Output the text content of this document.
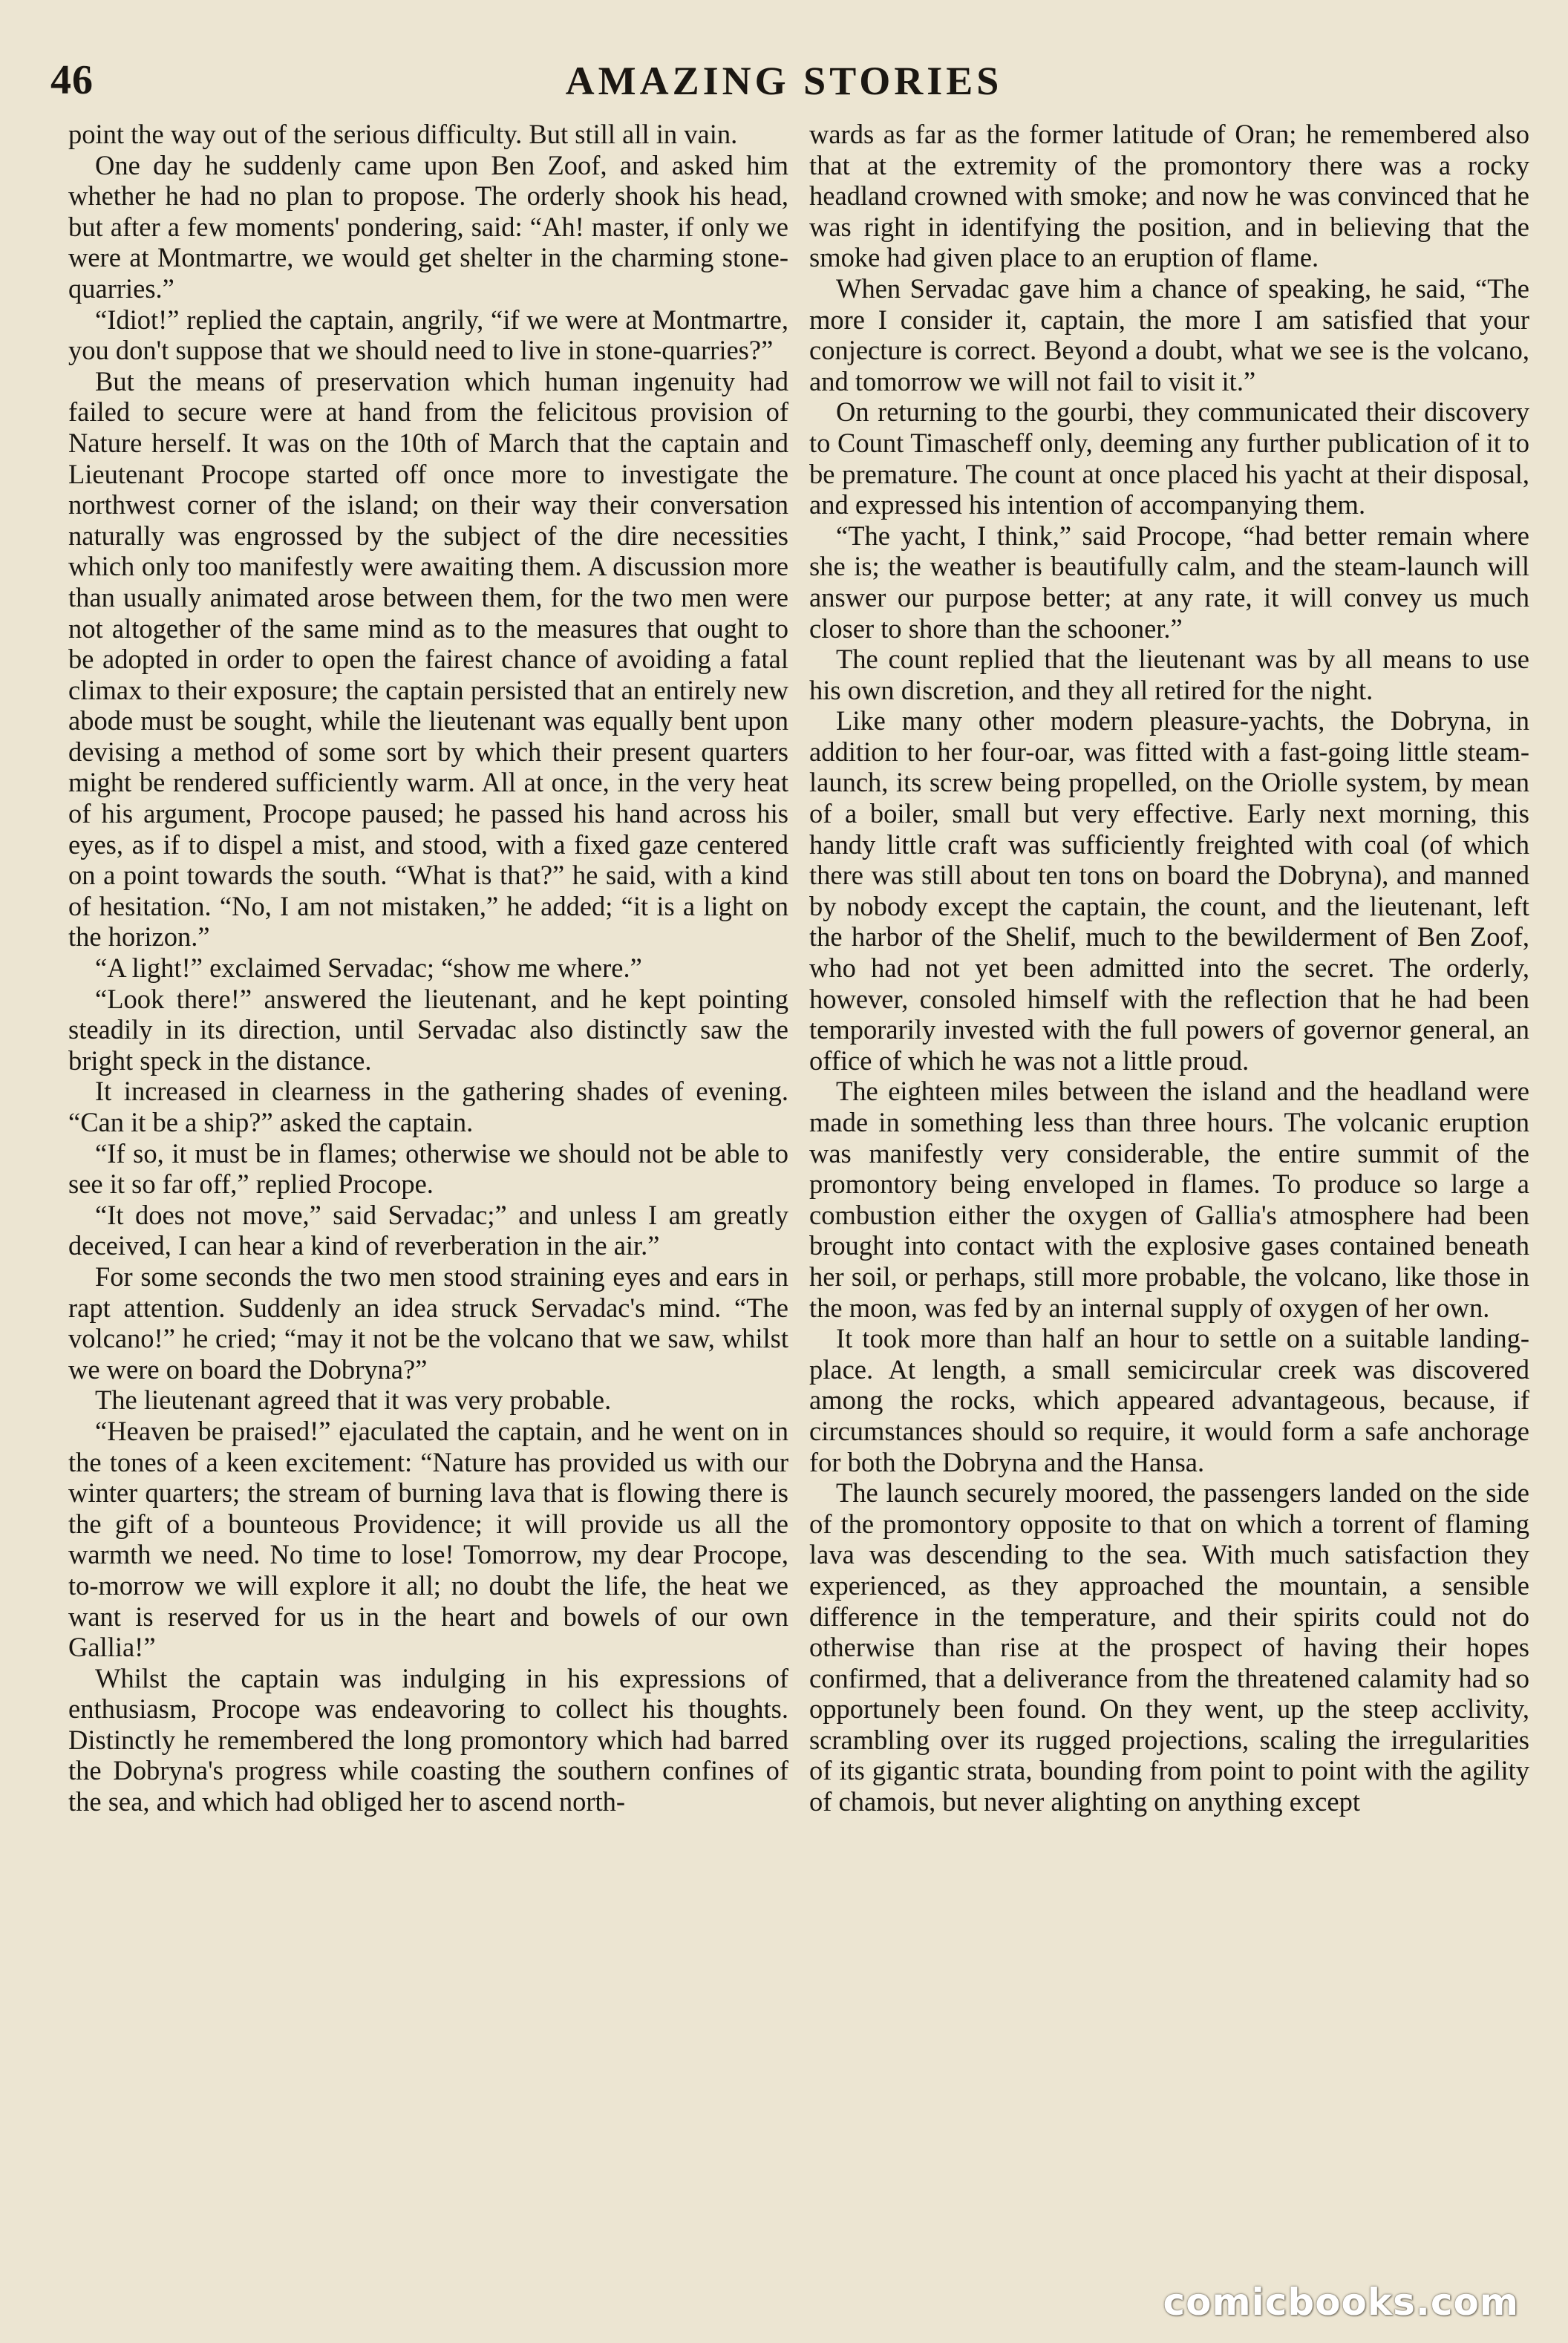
46	AMAZING STORIES

point the way out of the serious difficulty. But still all in vain.

One day he suddenly came upon Ben Zoof, and asked him whether he had no plan to propose. The orderly shook his head, but after a few moments' pondering, said: “Ah! master, if only we were at Montmartre, we would get shelter in the charming stone-quarries.”

“Idiot!” replied the captain, angrily, “if we were at Montmartre, you don't suppose that we should need to live in stone-quarries?”

But the means of preservation which human ingenuity had failed to secure were at hand from the felicitous provision of Nature herself. It was on the 10th of March that the captain and Lieutenant Procope started off once more to investigate the northwest corner of the island; on their way their conversation naturally was engrossed by the subject of the dire necessities which only too manifestly were awaiting them. A discussion more than usually animated arose between them, for the two men were not altogether of the same mind as to the measures that ought to be adopted in order to open the fairest chance of avoiding a fatal climax to their exposure; the captain persisted that an entirely new abode must be sought, while the lieutenant was equally bent upon devising a method of some sort by which their present quarters might be rendered sufficiently warm. All at once, in the very heat of his argument, Procope paused; he passed his hand across his eyes, as if to dispel a mist, and stood, with a fixed gaze centered on a point towards the south. “What is that?” he said, with a kind of hesitation. “No, I am not mistaken,” he added; “it is a light on the horizon.”

“A light!” exclaimed Servadac; “show me where.”

“Look there!” answered the lieutenant, and he kept pointing steadily in its direction, until Servadac also distinctly saw the bright speck in the distance.

It increased in clearness in the gathering shades of evening. “Can it be a ship?” asked the captain.

“If so, it must be in flames; otherwise we should not be able to see it so far off,” replied Procope.

“It does not move,” said Servadac;” and unless I am greatly deceived, I can hear a kind of reverberation in the air.”

For some seconds the two men stood straining eyes and ears in rapt attention. Suddenly an idea struck Servadac's mind. “The volcano!” he cried; “may it not be the volcano that we saw, whilst we were on board the Dobryna?”

The lieutenant agreed that it was very probable.

“Heaven be praised!” ejaculated the captain, and he went on in the tones of a keen excitement: “Nature has provided us with our winter quarters; the stream of burning lava that is flowing there is the gift of a bounteous Providence; it will provide us all the warmth we need. No time to lose! Tomorrow, my dear Procope, to-morrow we will explore it all; no doubt the life, the heat we want is reserved for us in the heart and bowels of our own Gallia!”

Whilst the captain was indulging in his expressions of enthusiasm, Procope was endeavoring to collect his thoughts. Distinctly he remembered the long promontory which had barred the Dobryna's progress while coasting the southern confines of the sea, and which had obliged her to ascend north-

wards as far as the former latitude of Oran; he remembered also that at the extremity of the promontory there was a rocky headland crowned with smoke; and now he was convinced that he was right in identifying the position, and in believing that the smoke had given place to an eruption of flame.

When Servadac gave him a chance of speaking, he said, “The more I consider it, captain, the more I am satisfied that your conjecture is correct. Beyond a doubt, what we see is the volcano, and tomorrow we will not fail to visit it.”

On returning to the gourbi, they communicated their discovery to Count Timascheff only, deeming any further publication of it to be premature. The count at once placed his yacht at their disposal, and expressed his intention of accompanying them.

“The yacht, I think,” said Procope, “had better remain where she is; the weather is beautifully calm, and the steam-launch will answer our purpose better; at any rate, it will convey us much closer to shore than the schooner.”

The count replied that the lieutenant was by all means to use his own discretion, and they all retired for the night.

Like many other modern pleasure-yachts, the Dobryna, in addition to her four-oar, was fitted with a fast-going little steam-launch, its screw being propelled, on the Oriolle system, by mean of a boiler, small but very effective. Early next morning, this handy little craft was sufficiently freighted with coal (of which there was still about ten tons on board the Dobryna), and manned by nobody except the captain, the count, and the lieutenant, left the harbor of the Shelif, much to the bewilderment of Ben Zoof, who had not yet been admitted into the secret. The orderly, however, consoled himself with the reflection that he had been temporarily invested with the full powers of governor general, an office of which he was not a little proud.

The eighteen miles between the island and the headland were made in something less than three hours. The volcanic eruption was manifestly very considerable, the entire summit of the promontory being enveloped in flames. To produce so large a combustion either the oxygen of Gallia's atmosphere had been brought into contact with the explosive gases contained beneath her soil, or perhaps, still more probable, the volcano, like those in the moon, was fed by an internal supply of oxygen of her own.

It took more than half an hour to settle on a suitable landing-place. At length, a small semicircular creek was discovered among the rocks, which appeared advantageous, because, if circumstances should so require, it would form a safe anchorage for both the Dobryna and the Hansa.

The launch securely moored, the passengers landed on the side of the promontory opposite to that on which a torrent of flaming lava was descending to the sea. With much satisfaction they experienced, as they approached the mountain, a sensible difference in the temperature, and their spirits could not do otherwise than rise at the prospect of having their hopes confirmed, that a deliverance from the threatened calamity had so opportunely been found. On they went, up the steep acclivity, scrambling over its rugged projections, scaling the irregularities of its gigantic strata, bounding from point to point with the agility of chamois, but never alighting on anything except

comicbooks.com
